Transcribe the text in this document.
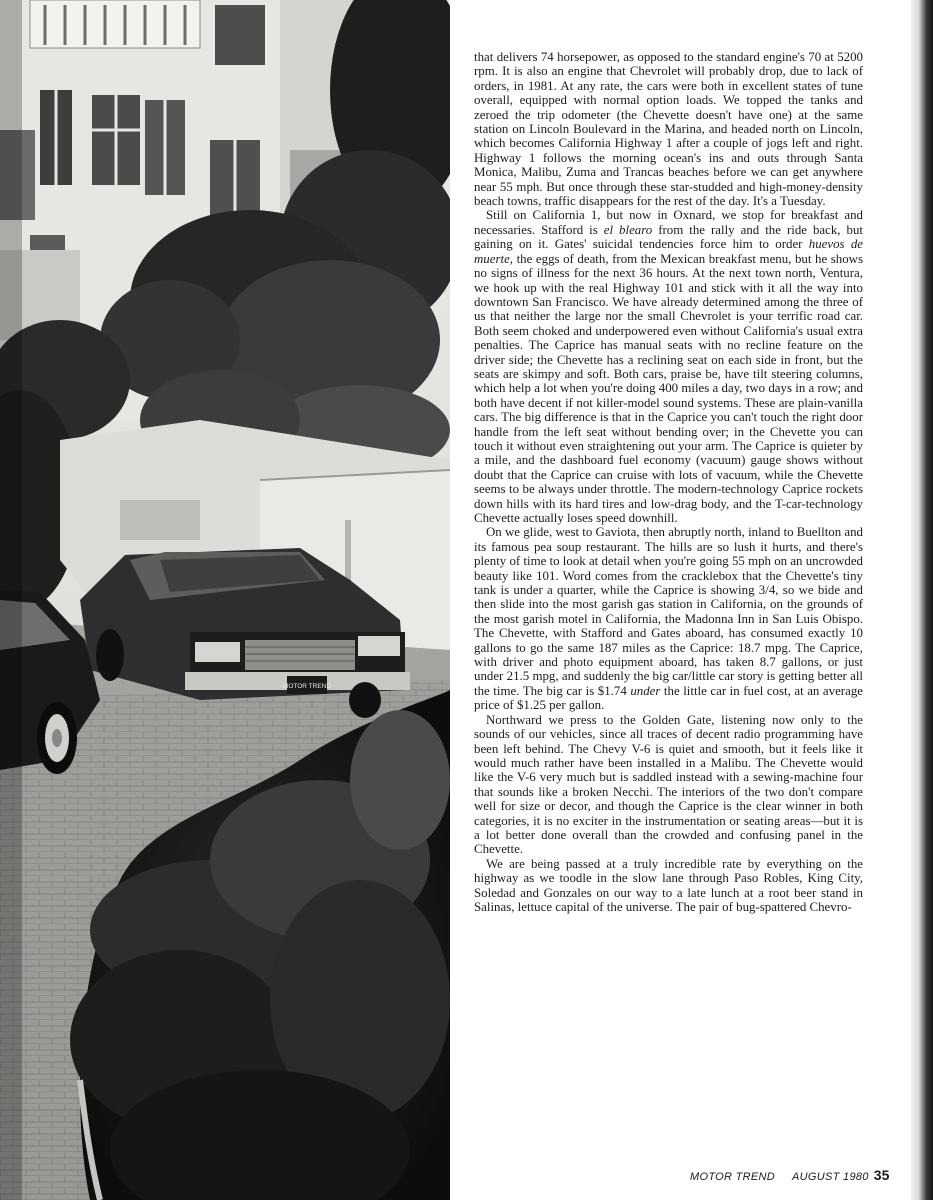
MOTOR TREND

that delivers 74 horsepower, as opposed to the standard engine's 70 at 5200 rpm. It is also an engine that Chevrolet will probably drop, due to lack of orders, in 1981. At any rate, the cars were both in excellent states of tune overall, equipped with normal option loads. We topped the tanks and zeroed the trip odometer (the Chevette doesn't have one) at the same station on Lincoln Boulevard in the Marina, and headed north on Lincoln, which becomes California Highway 1 after a couple of jogs left and right. Highway 1 follows the morning ocean's ins and outs through Santa Monica, Malibu, Zuma and Trancas beaches before we can get anywhere near 55 mph. But once through these star-studded and high-money-density beach towns, traffic disappears for the rest of the day. It's a Tuesday.

Still on California 1, but now in Oxnard, we stop for breakfast and necessaries. Stafford is el blearo from the rally and the ride back, but gaining on it. Gates' suicidal tendencies force him to order huevos de muerte, the eggs of death, from the Mexican breakfast menu, but he shows no signs of illness for the next 36 hours. At the next town north, Ventura, we hook up with the real Highway 101 and stick with it all the way into downtown San Francisco. We have already determined among the three of us that neither the large nor the small Chevrolet is your terrific road car. Both seem choked and underpowered even without California's usual extra penalties. The Caprice has manual seats with no recline feature on the driver side; the Chevette has a reclining seat on each side in front, but the seats are skimpy and soft. Both cars, praise be, have tilt steering columns, which help a lot when you're doing 400 miles a day, two days in a row; and both have decent if not killer-model sound systems. These are plain-vanilla cars. The big difference is that in the Caprice you can't touch the right door handle from the left seat without bending over; in the Chevette you can touch it without even straightening out your arm. The Caprice is quieter by a mile, and the dashboard fuel economy (vacuum) gauge shows without doubt that the Caprice can cruise with lots of vacuum, while the Chevette seems to be always under throttle. The modern-technology Caprice rockets down hills with its hard tires and low-drag body, and the T-car-technology Chevette actually loses speed downhill.

On we glide, west to Gaviota, then abruptly north, inland to Buellton and its famous pea soup restaurant. The hills are so lush it hurts, and there's plenty of time to look at detail when you're going 55 mph on an uncrowded beauty like 101. Word comes from the cracklebox that the Chevette's tiny tank is under a quarter, while the Caprice is showing 3/4, so we bide and then slide into the most garish gas station in California, on the grounds of the most garish motel in California, the Madonna Inn in San Luis Obispo. The Chevette, with Stafford and Gates aboard, has consumed exactly 10 gallons to go the same 187 miles as the Caprice: 18.7 mpg. The Caprice, with driver and photo equipment aboard, has taken 8.7 gallons, or just under 21.5 mpg, and suddenly the big car/little car story is getting better all the time. The big car is $1.74 under the little car in fuel cost, at an average price of $1.25 per gallon.

Northward we press to the Golden Gate, listening now only to the sounds of our vehicles, since all traces of decent radio programming have been left behind. The Chevy V-6 is quiet and smooth, but it feels like it would much rather have been installed in a Malibu. The Chevette would like the V-6 very much but is saddled instead with a sewing-machine four that sounds like a broken Necchi. The interiors of the two don't compare well for size or decor, and though the Caprice is the clear winner in both categories, it is no exciter in the instrumentation or seating areas—but it is a lot better done overall than the crowded and confusing panel in the Chevette.

We are being passed at a truly incredible rate by everything on the highway as we toodle in the slow lane through Paso Robles, King City, Soledad and Gonzales on our way to a late lunch at a root beer stand in Salinas, lettuce capital of the universe. The pair of bug-spattered Chevro-

MOTOR TREND AUGUST 1980 35
